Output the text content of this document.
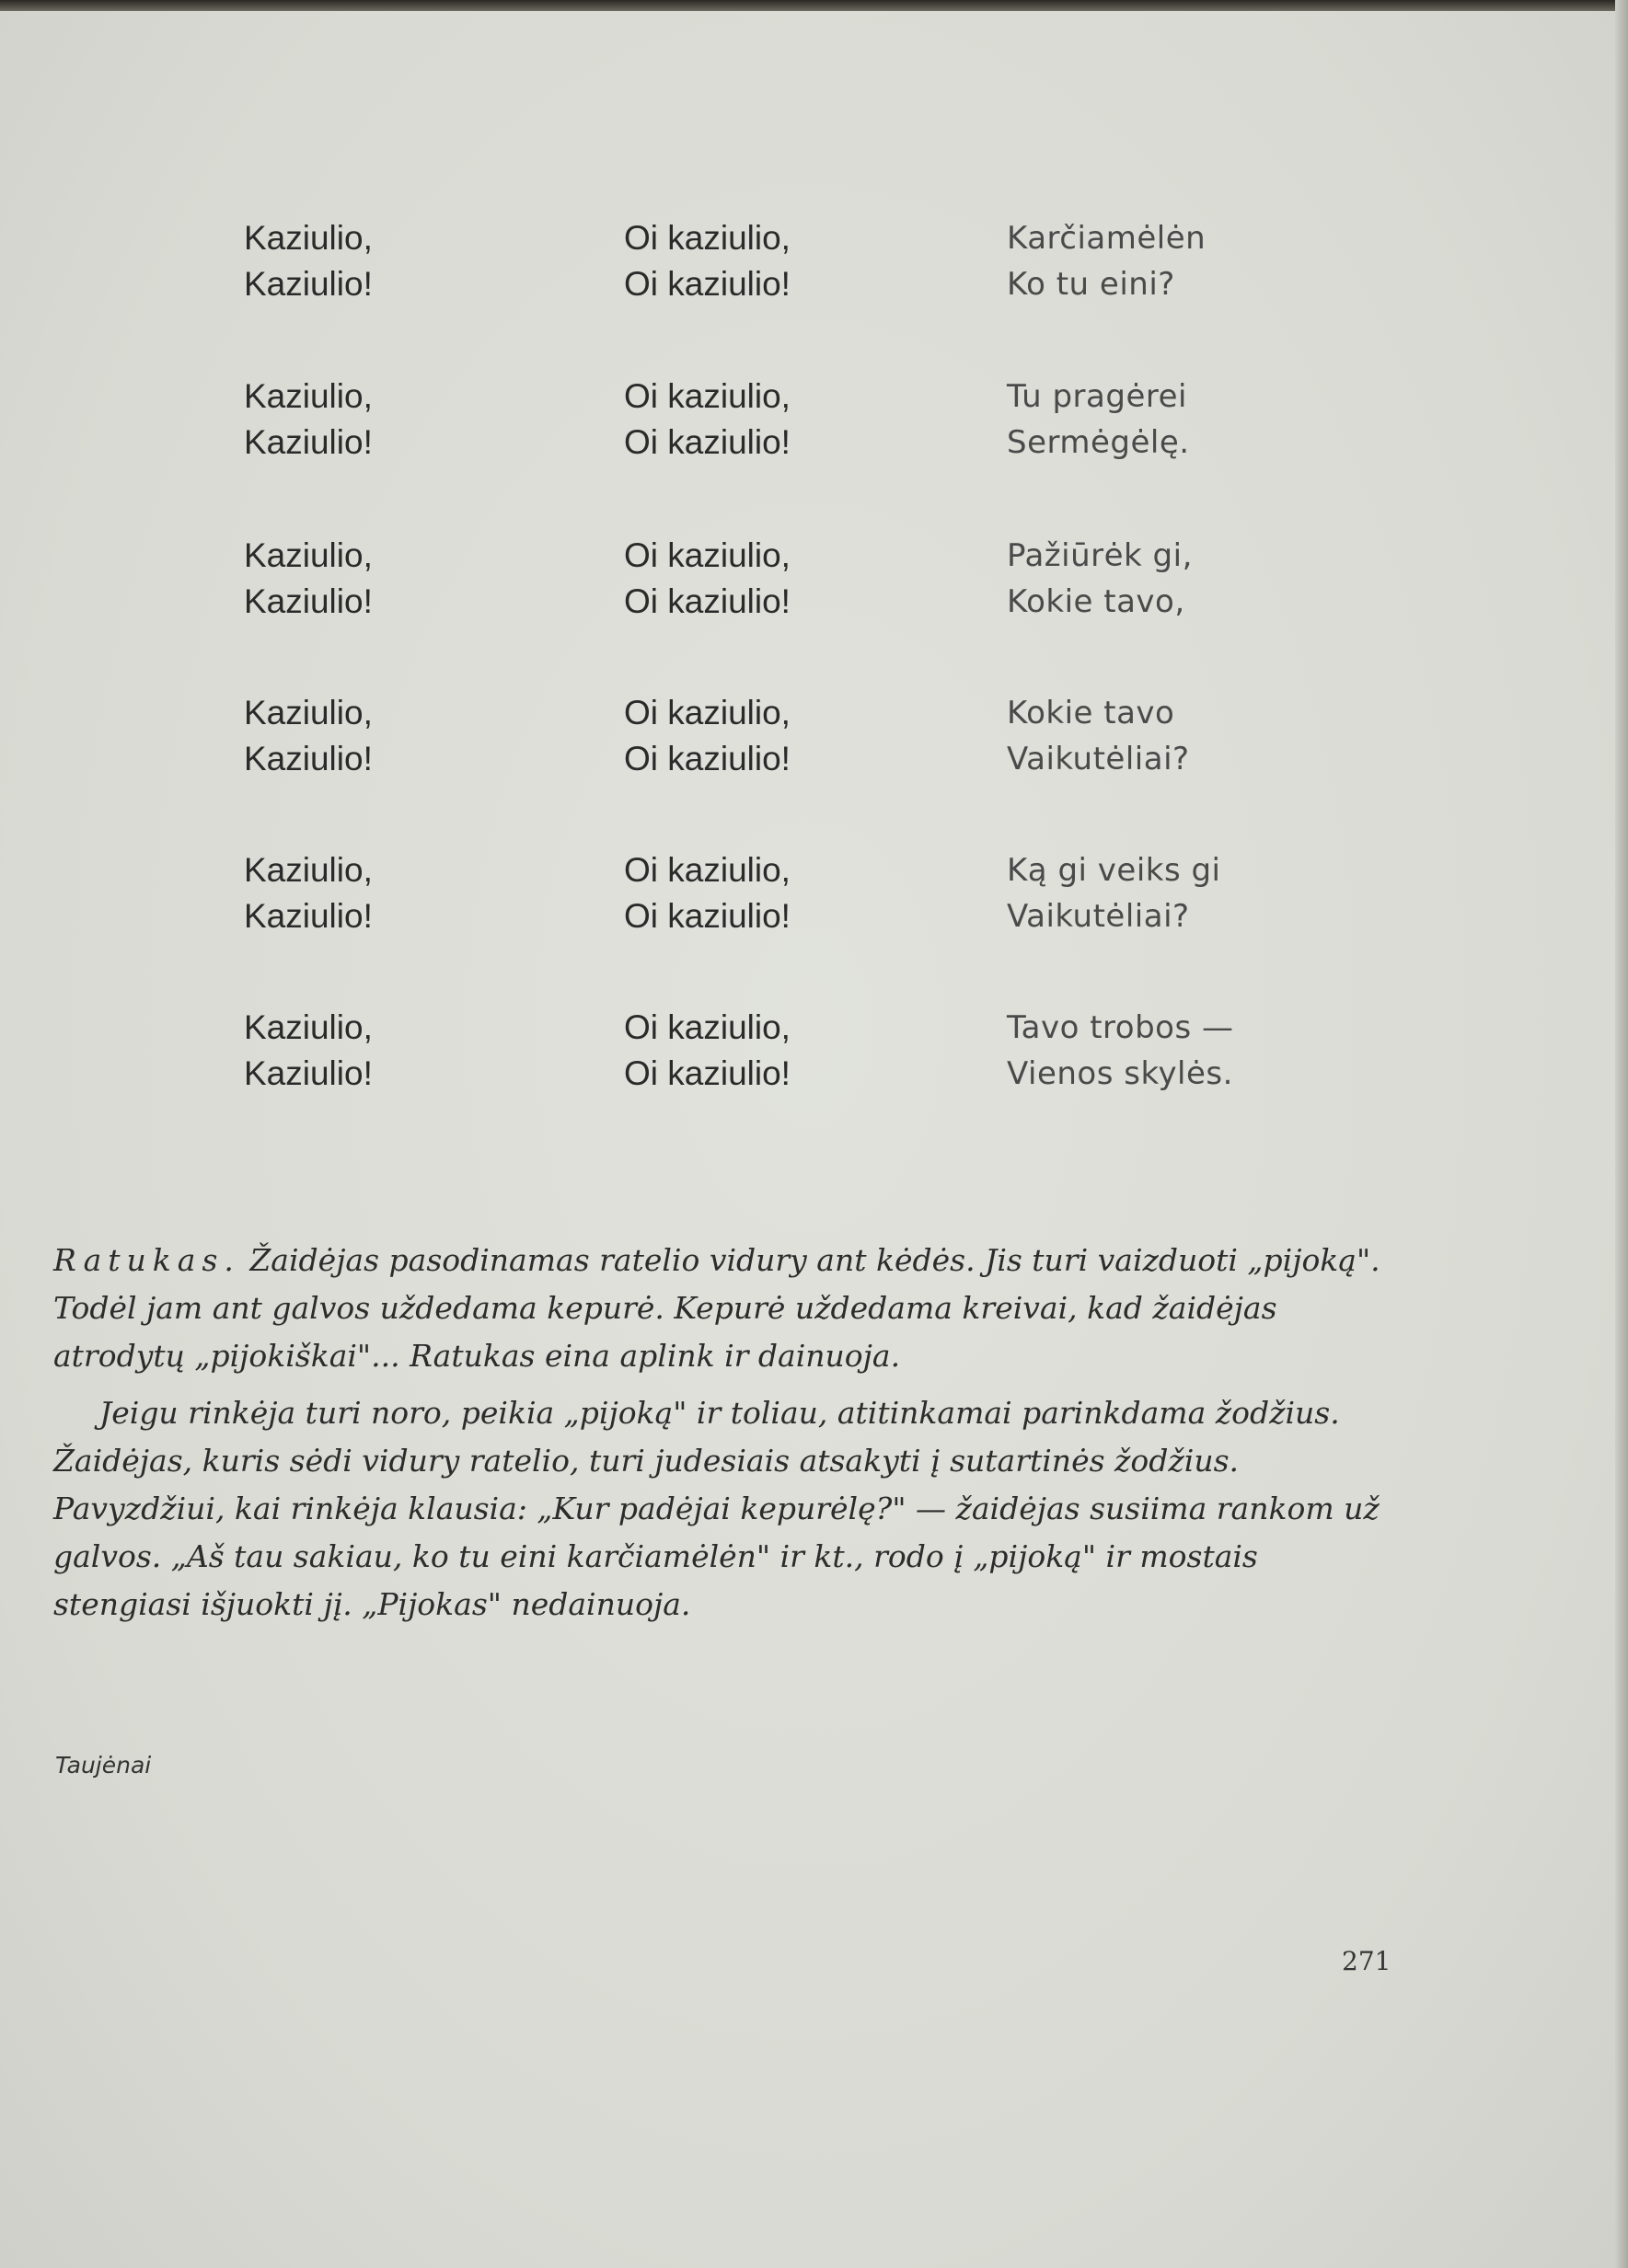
Kaziulio,
Kaziulio!
Oi kaziulio,
Oi kaziulio!
Karčiamėlėn
Ko tu eini?
Kaziulio,
Kaziulio!
Oi kaziulio,
Oi kaziulio!
Tu pragėrei
Sermėgėlę.
Kaziulio,
Kaziulio!
Oi kaziulio,
Oi kaziulio!
Pažiūrėk gi,
Kokie tavo,
Kaziulio,
Kaziulio!
Oi kaziulio,
Oi kaziulio!
Kokie tavo
Vaikutėliai?
Kaziulio,
Kaziulio!
Oi kaziulio,
Oi kaziulio!
Ką gi veiks gi
Vaikutėliai?
Kaziulio,
Kaziulio!
Oi kaziulio,
Oi kaziulio!
Tavo trobos —
Vienos skylės.

Ratukas. Žaidėjas pasodinamas ratelio vidury ant kėdės. Jis turi vaizduoti „pijoką". Todėl jam ant galvos uždedama kepurė. Kepurė uždedama kreivai, kad žaidėjas atrodytų „pijokiškai"... Ratukas eina aplink ir dainuoja.

Jeigu rinkėja turi noro, peikia „pijoką" ir toliau, atitinkamai parinkdama žodžius. Žaidėjas, kuris sėdi vidury ratelio, turi judesiais atsakyti į sutartinės žodžius. Pavyzdžiui, kai rinkėja klausia: „Kur padėjai kepurėlę?" — žaidėjas susiima rankom už galvos. „Aš tau sakiau, ko tu eini karčiamėlėn" ir kt., rodo į „pijoką" ir mostais stengiasi išjuokti jį. „Pijokas" nedainuoja.

Taujėnai
271
